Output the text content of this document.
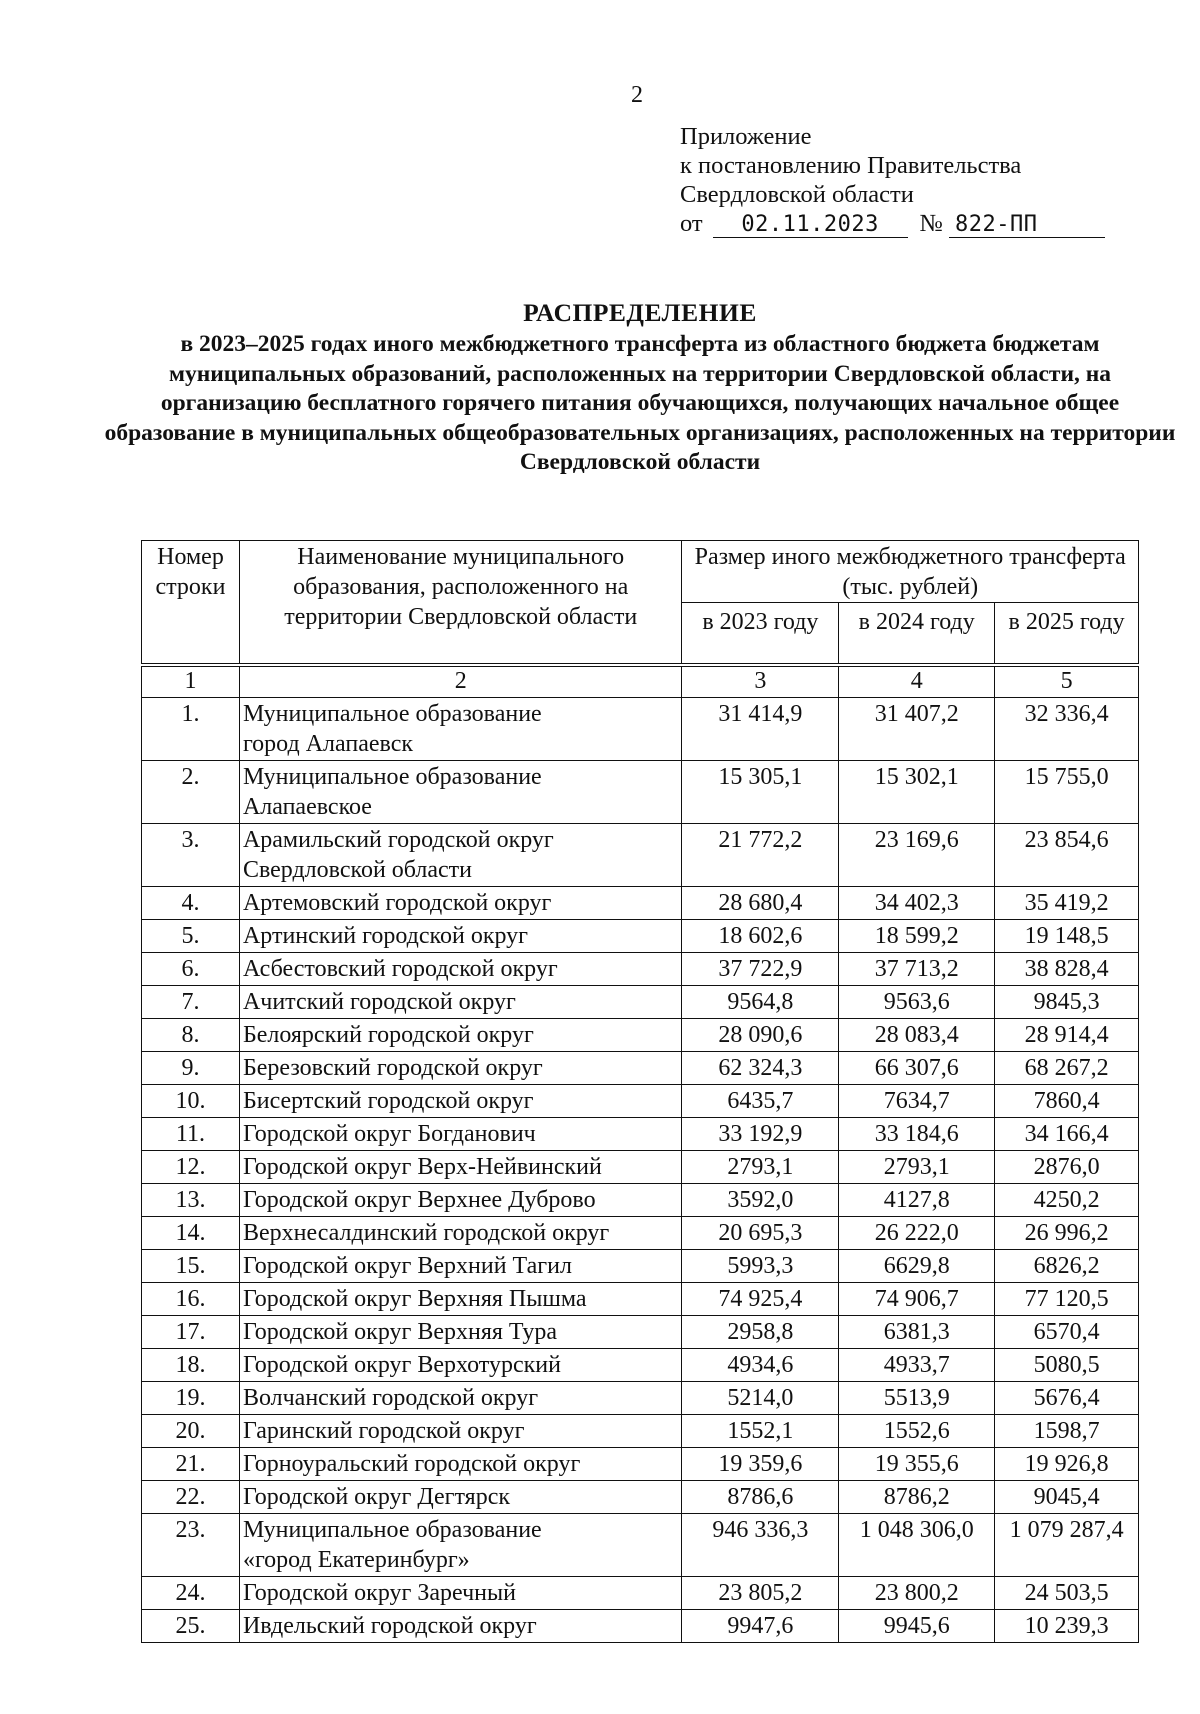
2
Приложение
к постановлению Правительства
Свердловской области
от	02.11.2023	№ 822-ПП
РАСПРЕДЕЛЕНИЕ
в 2023–2025 годах иного межбюджетного трансферта из областного бюджета бюджетам муниципальных образований, расположенных на территории Свердловской области, на организацию бесплатного горячего питания обучающихся, получающих начальное общее образование в муниципальных общеобразовательных организациях, расположенных на территории Свердловской области
Номер строки	Наименование муниципального образования, расположенного на территории Свердловской области	Размер иного межбюджетного трансферта (тыс. рублей)		
		в 2023 году	в 2024 году	в 2025 году
1	2	3	4	5
1.	Муниципальное образование
город Алапаевск	31 414,9	31 407,2	32 336,4
2.	Муниципальное образование
Алапаевское	15 305,1	15 302,1	15 755,0
3.	Арамильский городской округ
Свердловской области	21 772,2	23 169,6	23 854,6
4.	Артемовский городской округ	28 680,4	34 402,3	35 419,2
5.	Артинский городской округ	18 602,6	18 599,2	19 148,5
6.	Асбестовский городской округ	37 722,9	37 713,2	38 828,4
7.	Ачитский городской округ	9564,8	9563,6	9845,3
8.	Белоярский городской округ	28 090,6	28 083,4	28 914,4
9.	Березовский городской округ	62 324,3	66 307,6	68 267,2
10.	Бисертский городской округ	6435,7	7634,7	7860,4
11.	Городской округ Богданович	33 192,9	33 184,6	34 166,4
12.	Городской округ Верх-Нейвинский	2793,1	2793,1	2876,0
13.	Городской округ Верхнее Дуброво	3592,0	4127,8	4250,2
14.	Верхнесалдинский городской округ	20 695,3	26 222,0	26 996,2
15.	Городской округ Верхний Тагил	5993,3	6629,8	6826,2
16.	Городской округ Верхняя Пышма	74 925,4	74 906,7	77 120,5
17.	Городской округ Верхняя Тура	2958,8	6381,3	6570,4
18.	Городской округ Верхотурский	4934,6	4933,7	5080,5
19.	Волчанский городской округ	5214,0	5513,9	5676,4
20.	Гаринский городской округ	1552,1	1552,6	1598,7
21.	Горноуральский городской округ	19 359,6	19 355,6	19 926,8
22.	Городской округ Дегтярск	8786,6	8786,2	9045,4
23.	Муниципальное образование
«город Екатеринбург»	946 336,3	1 048 306,0	1 079 287,4
24.	Городской округ Заречный	23 805,2	23 800,2	24 503,5
25.	Ивдельский городской округ	9947,6	9945,6	10 239,3
